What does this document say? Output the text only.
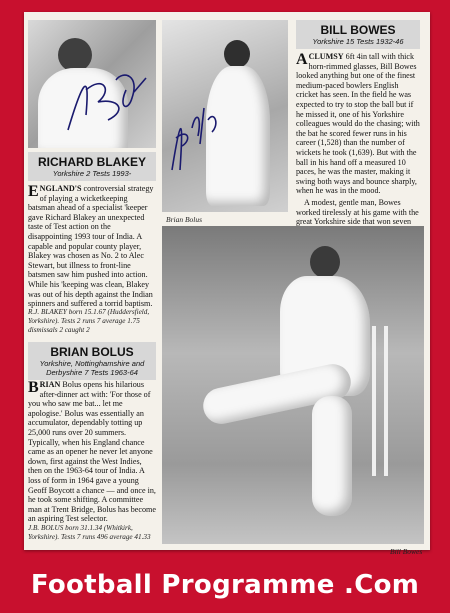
Brian Bolus
RICHARD BLAKEY
Yorkshire 2 Tests 1993-

ENGLAND'S controversial strategy of playing a wicketkeeping batsman ahead of a specialist 'keeper gave Richard Blakey an unexpected taste of Test action on the disappointing 1993 tour of India. A capable and popular county player, Blakey was chosen as No. 2 to Alec Stewart, but illness to front-line batsmen saw him pushed into action. While his 'keeping was clean, Blakey was out of his depth against the Indian spinners and suffered a torrid baptism.

R.J. BLAKEY born 15.1.67 (Huddersfield, Yorkshire). Tests 2 runs 7 average 1.75 dismissals 2 caught 2
BRIAN BOLUS
Yorkshire, Nottinghamshire and
Derbyshire 7 Tests 1963-64

BRIAN Bolus opens his hilarious after-dinner act with: 'For those of you who saw me bat... let me apologise.' Bolus was essentially an accumulator, dependably totting up 25,000 runs over 20 summers. Typically, when his England chance came as an opener he never let anyone down, first against the West Indies, then on the 1963-64 tour of India. A loss of form in 1964 gave a young Geoff Boycott a chance — and once in, he took some shifting. A committee man at Trent Bridge, Bolus has become an aspiring Test selector.

J.B. BOLUS born 31.1.34 (Whitkirk, Yorkshire). Tests 7 runs 496 average 41.33
BILL BOWES
Yorkshire 15 Tests 1932-46

ACLUMSY 6ft 4in tall with thick horn-rimmed glasses, Bill Bowes looked anything but one of the finest medium-paced bowlers English cricket has seen. In the field he was expected to try to stop the ball but if he missed it, one of his Yorkshire colleagues would do the chasing; with the bat he scored fewer runs in his career (1,528) than the number of wickets he took (1,639). But with the ball in his hand off a measured 10 paces, he was the master, making it swing both ways and bounce sharply, when he was in the mood.

A modest, gentle man, Bowes worked tirelessly at his game with the great Yorkshire side that won seven

Bill Bowes
Football Programme .Com
